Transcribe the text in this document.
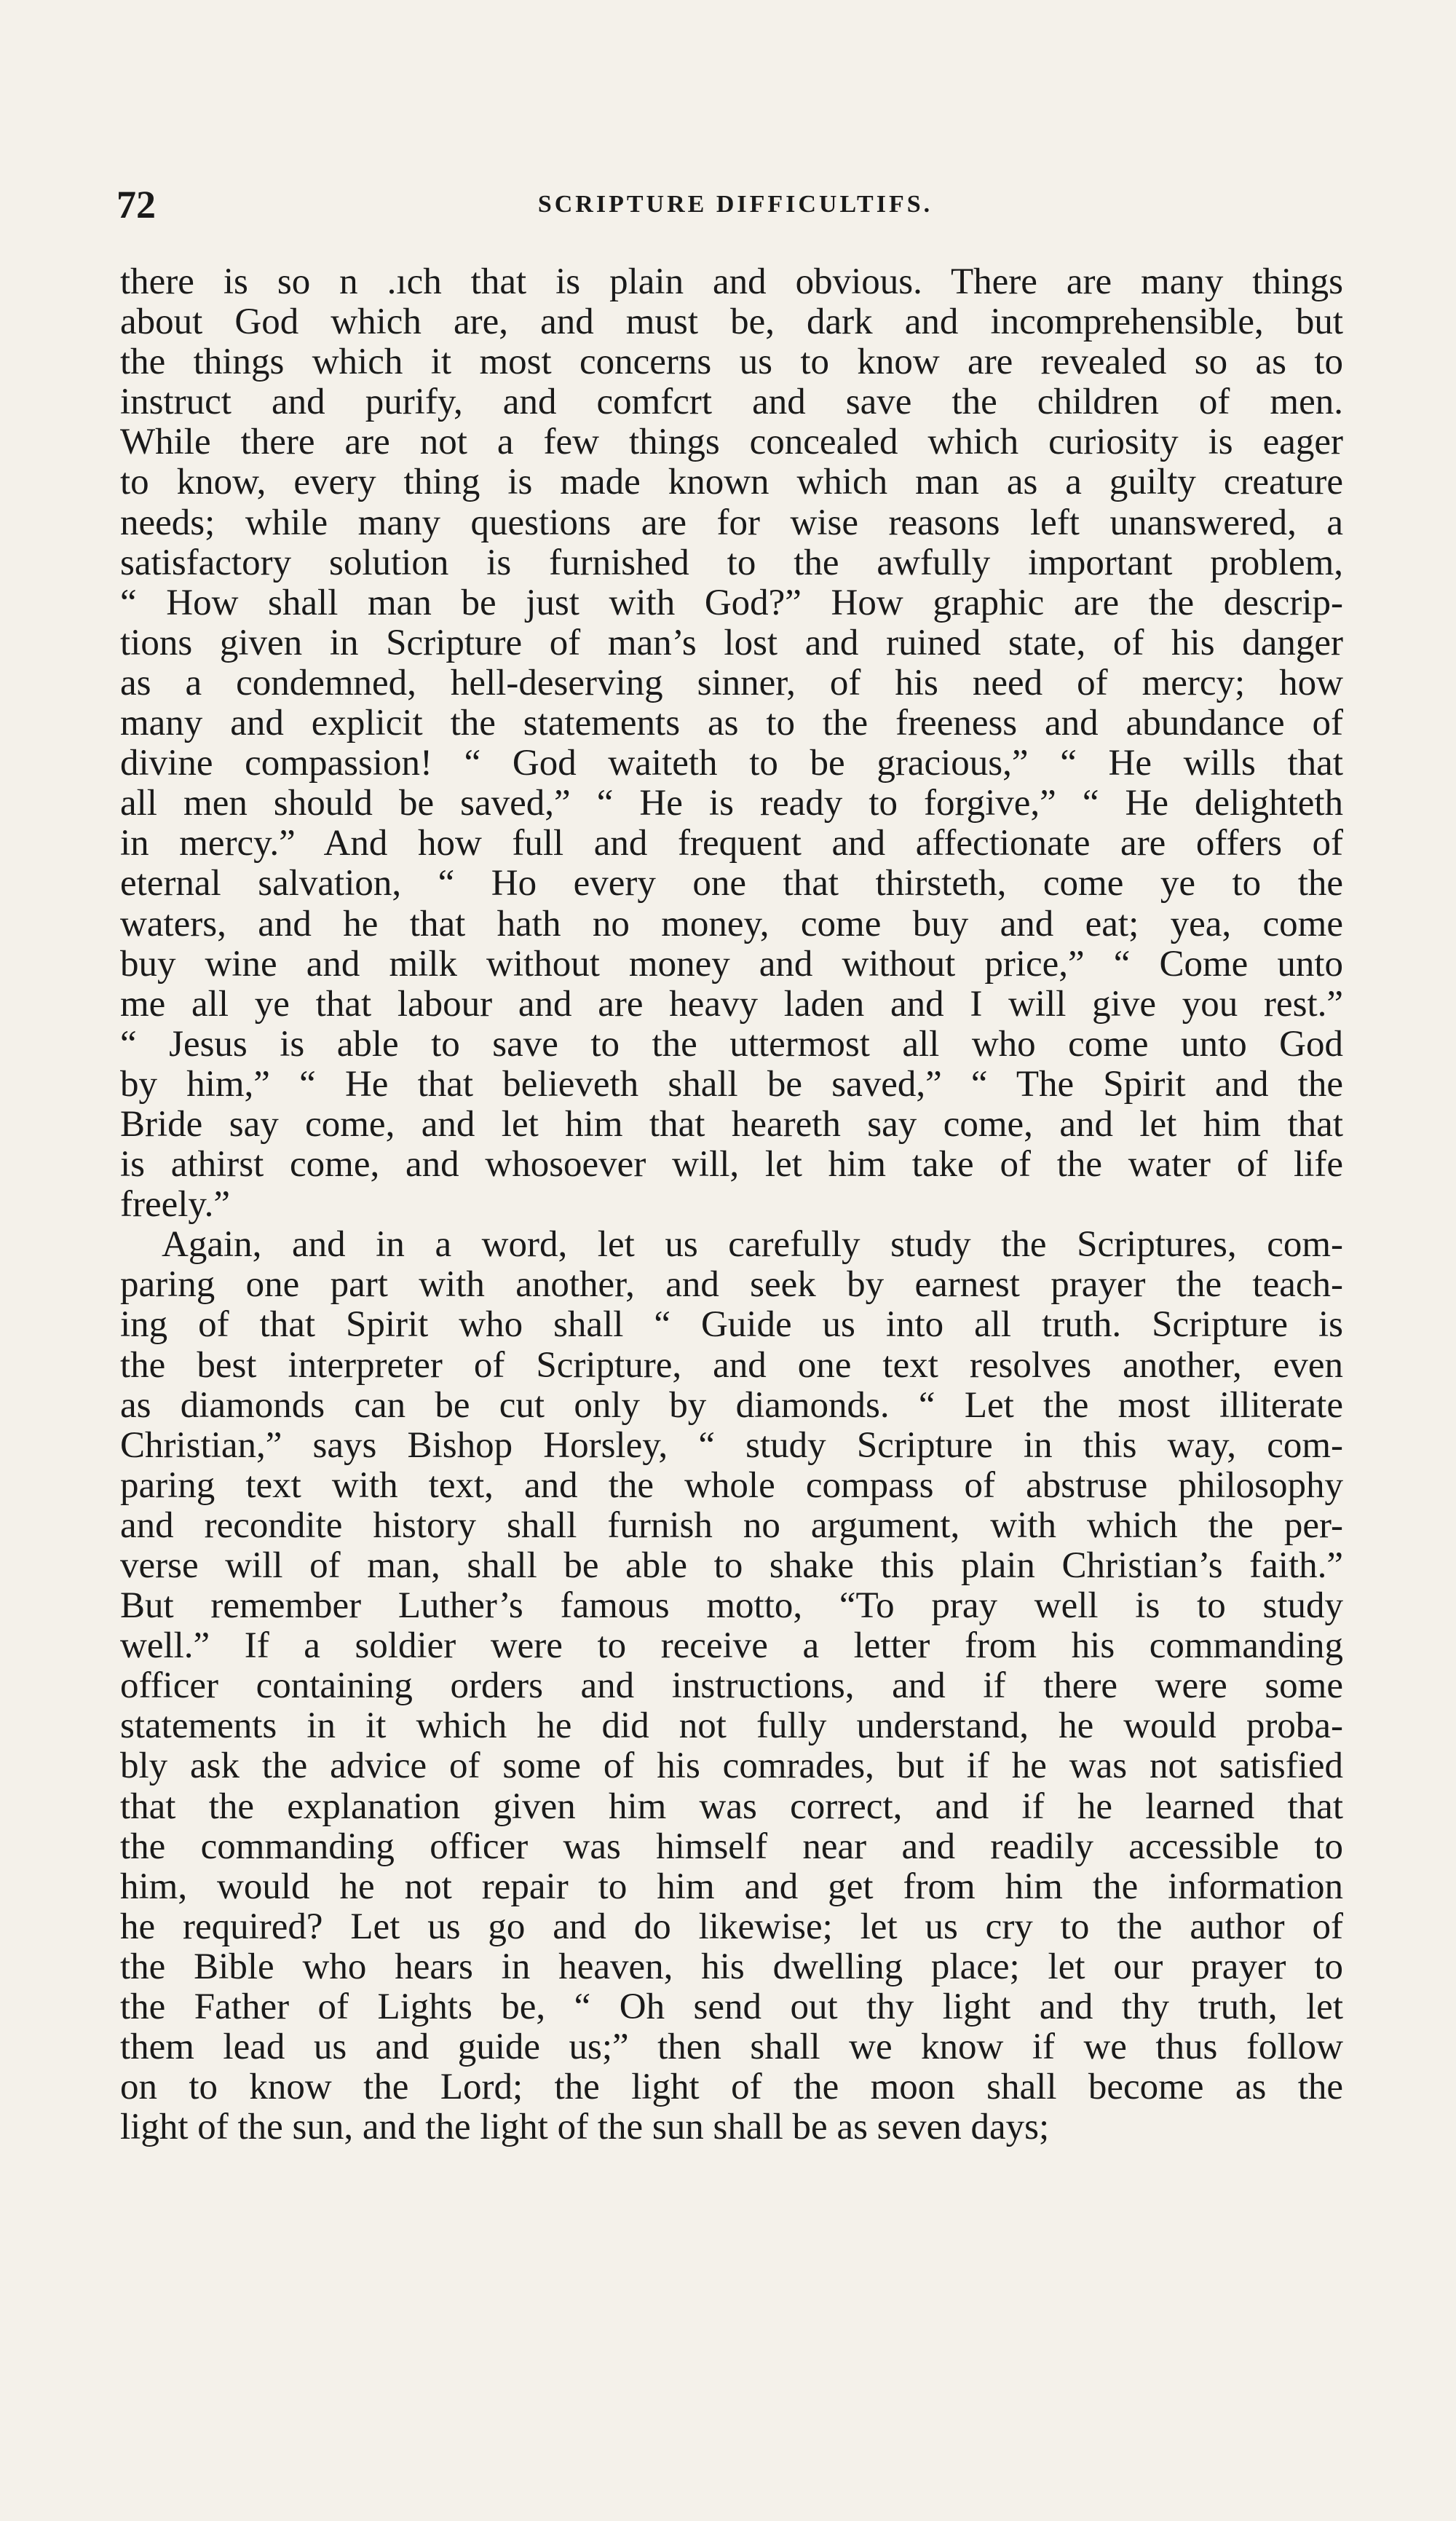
72	SCRIPTURE DIFFICULTIFS.
there is so n .ıch that is plain and obvious. There are many things
about God which are, and must be, dark and incomprehensible, but
the things which it most concerns us to know are revealed so as to
instruct and purify, and comfcrt and save the children of men.
While there are not a few things concealed which curiosity is eager
to know, every thing is made known which man as a guilty creature
needs; while many questions are for wise reasons left unanswered, a
satisfactory solution is furnished to the awfully important problem,
“ How shall man be just with God?” How graphic are the descrip-
tions given in Scripture of man’s lost and ruined state, of his danger
as a condemned, hell-deserving sinner, of his need of mercy; how
many and explicit the statements as to the freeness and abundance of
divine compassion! “ God waiteth to be gracious,” “ He wills that
all men should be saved,” “ He is ready to forgive,” “ He delighteth
in mercy.” And how full and frequent and affectionate are offers of
eternal salvation, “ Ho every one that thirsteth, come ye to the
waters, and he that hath no money, come buy and eat; yea, come
buy wine and milk without money and without price,” “ Come unto
me all ye that labour and are heavy laden and I will give you rest.”
“ Jesus is able to save to the uttermost all who come unto God
by him,” “ He that believeth shall be saved,” “ The Spirit and the
Bride say come, and let him that heareth say come, and let him that
is athirst come, and whosoever will, let him take of the water of life
freely.”
Again, and in a word, let us carefully study the Scriptures, com-
paring one part with another, and seek by earnest prayer the teach-
ing of that Spirit who shall “ Guide us into all truth. Scripture is
the best interpreter of Scripture, and one text resolves another, even
as diamonds can be cut only by diamonds. “ Let the most illiterate
Christian,” says Bishop Horsley, “ study Scripture in this way, com-
paring text with text, and the whole compass of abstruse philosophy
and recondite history shall furnish no argument, with which the per-
verse will of man, shall be able to shake this plain Christian’s faith.”
But remember Luther’s famous motto, “To pray well is to study
well.” If a soldier were to receive a letter from his commanding
officer containing orders and instructions, and if there were some
statements in it which he did not fully understand, he would proba-
bly ask the advice of some of his comrades, but if he was not satisfied
that the explanation given him was correct, and if he learned that
the commanding officer was himself near and readily accessible to
him, would he not repair to him and get from him the information
he required? Let us go and do likewise; let us cry to the author of
the Bible who hears in heaven, his dwelling place; let our prayer to
the Father of Lights be, “ Oh send out thy light and thy truth, let
them lead us and guide us;” then shall we know if we thus follow
on to know the Lord; the light of the moon shall become as the
light of the sun, and the light of the sun shall be as seven days;
